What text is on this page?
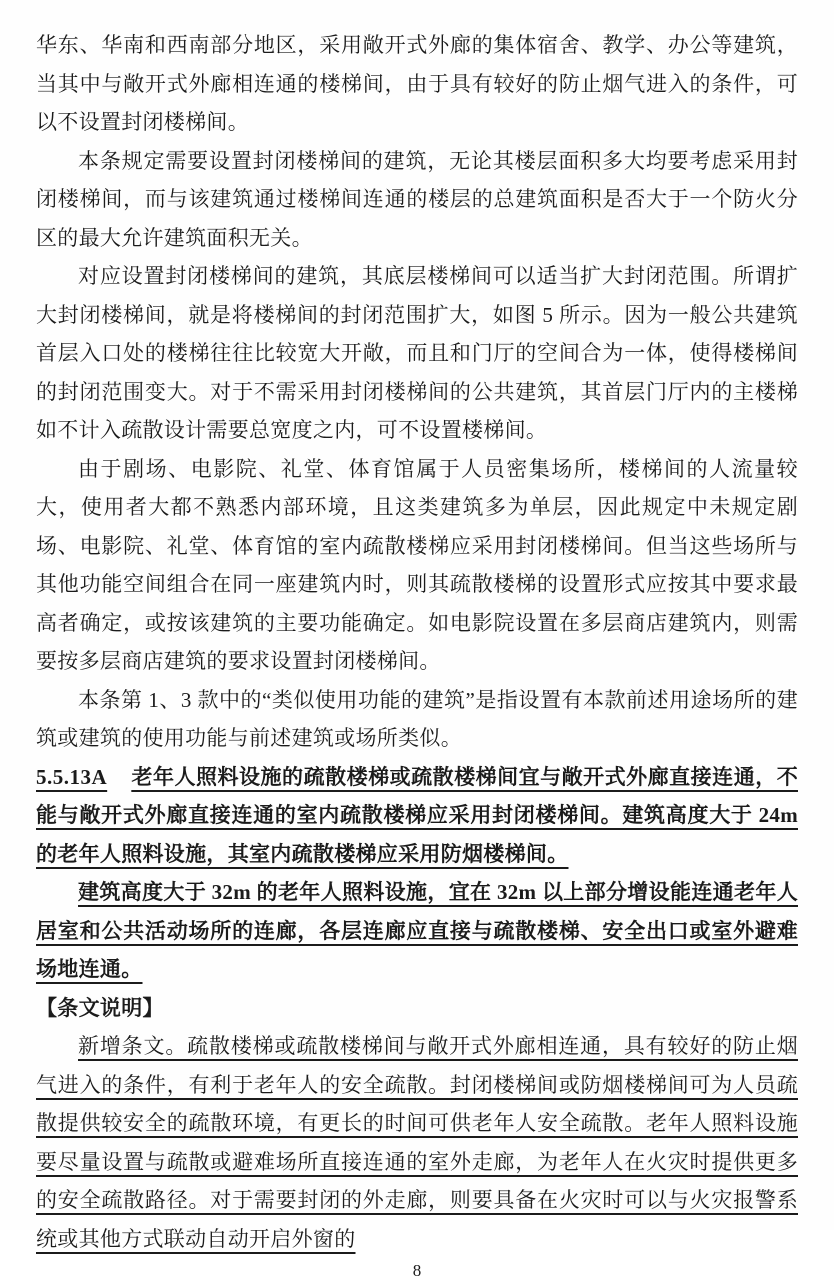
华东、华南和西南部分地区，采用敞开式外廊的集体宿舍、教学、办公等建筑，当其中与敞开式外廊相连通的楼梯间，由于具有较好的防止烟气进入的条件，可以不设置封闭楼梯间。

本条规定需要设置封闭楼梯间的建筑，无论其楼层面积多大均要考虑采用封闭楼梯间，而与该建筑通过楼梯间连通的楼层的总建筑面积是否大于一个防火分区的最大允许建筑面积无关。

对应设置封闭楼梯间的建筑，其底层楼梯间可以适当扩大封闭范围。所谓扩大封闭楼梯间，就是将楼梯间的封闭范围扩大，如图 5 所示。因为一般公共建筑首层入口处的楼梯往往比较宽大开敞，而且和门厅的空间合为一体，使得楼梯间的封闭范围变大。对于不需采用封闭楼梯间的公共建筑，其首层门厅内的主楼梯如不计入疏散设计需要总宽度之内，可不设置楼梯间。

由于剧场、电影院、礼堂、体育馆属于人员密集场所，楼梯间的人流量较大，使用者大都不熟悉内部环境，且这类建筑多为单层，因此规定中未规定剧场、电影院、礼堂、体育馆的室内疏散楼梯应采用封闭楼梯间。但当这些场所与其他功能空间组合在同一座建筑内时，则其疏散楼梯的设置形式应按其中要求最高者确定，或按该建筑的主要功能确定。如电影院设置在多层商店建筑内，则需要按多层商店建筑的要求设置封闭楼梯间。

本条第 1、3 款中的“类似使用功能的建筑”是指设置有本款前述用途场所的建筑或建筑的使用功能与前述建筑或场所类似。

5.5.13A 老年人照料设施的疏散楼梯或疏散楼梯间宜与敞开式外廊直接连通，不能与敞开式外廊直接连通的室内疏散楼梯应采用封闭楼梯间。建筑高度大于 24m 的老年人照料设施，其室内疏散楼梯应采用防烟楼梯间。

建筑高度大于 32m 的老年人照料设施，宜在 32m 以上部分增设能连通老年人居室和公共活动场所的连廊，各层连廊应直接与疏散楼梯、安全出口或室外避难场地连通。

【条文说明】

新增条文。疏散楼梯或疏散楼梯间与敞开式外廊相连通，具有较好的防止烟气进入的条件，有利于老年人的安全疏散。封闭楼梯间或防烟楼梯间可为人员疏散提供较安全的疏散环境，有更长的时间可供老年人安全疏散。老年人照料设施要尽量设置与疏散或避难场所直接连通的室外走廊，为老年人在火灾时提供更多的安全疏散路径。对于需要封闭的外走廊，则要具备在火灾时可以与火灾报警系统或其他方式联动自动开启外窗的

8
